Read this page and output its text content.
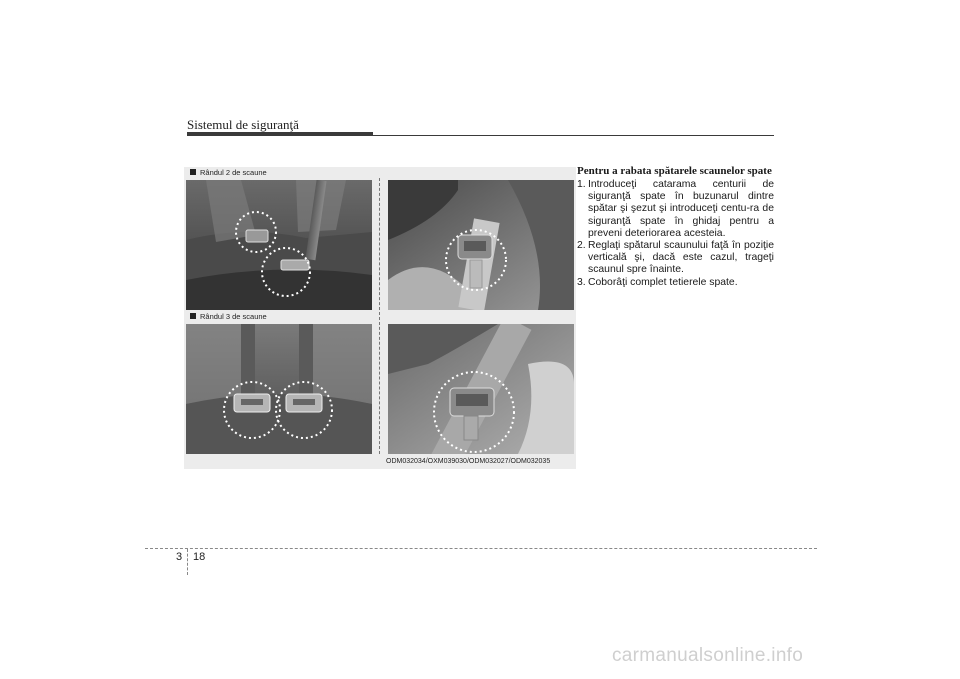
Sistemul de siguranţă
Rândul 2 de scaune
Rândul 3 de scaune
ODM032034/OXM039030/ODM032027/ODM032035

Pentru a rabata spătarele scaunelor spate

1. Introduceţi catarama centurii de siguranţă spate în buzunarul dintre spătar şi şezut şi introduceţi centu-ra de siguranţă spate în ghidaj pentru a preveni deteriorarea acesteia.
2. Reglaţi spătarul scaunului faţă în poziţie verticală şi, dacă este cazul, trageţi scaunul spre înainte.
3. Coborâţi complet tetierele spate.
3 18
carmanualsonline.info
